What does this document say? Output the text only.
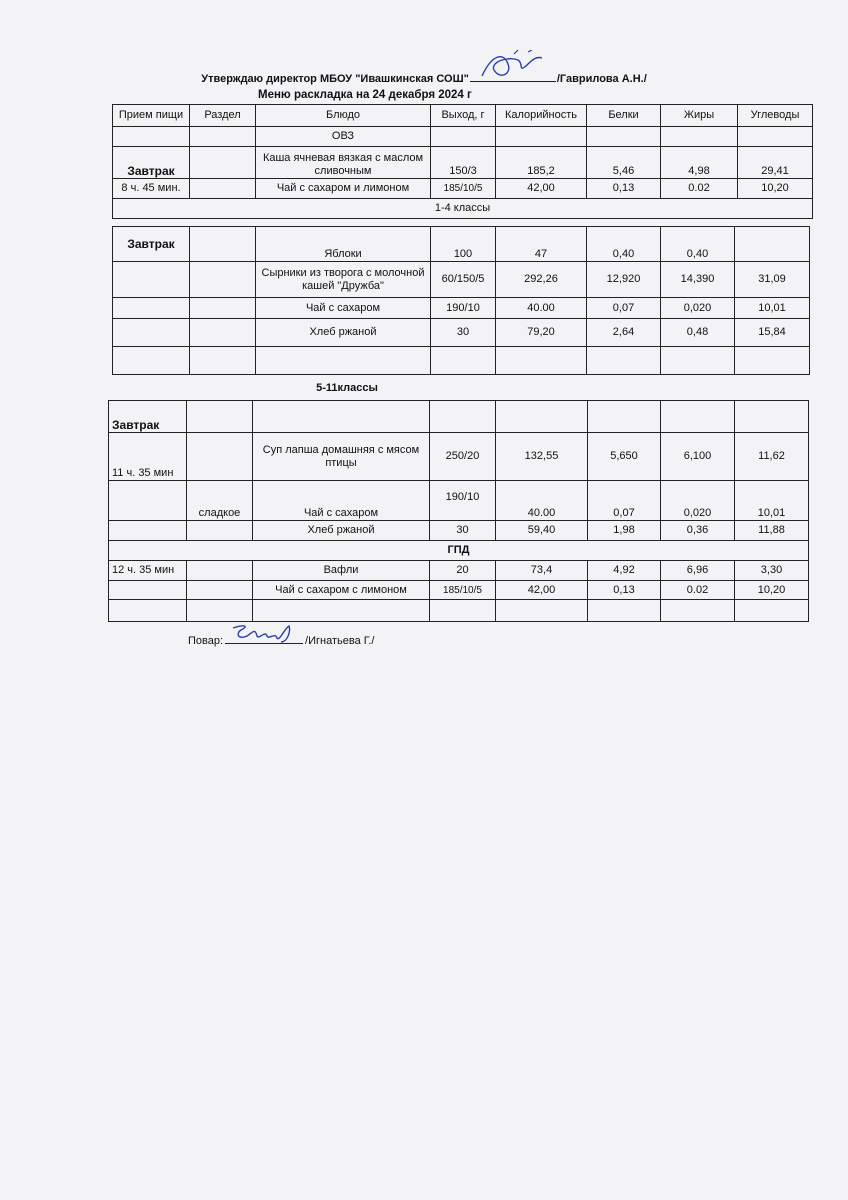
Утверждаю директор МБОУ "Ивашкинская СОШ"	/Гаврилова А.Н./
Меню раскладка на 24 декабря 2024 г
Прием пищи	Раздел	Блюдо	Выход, г	Калорийность	Белки	Жиры	Углеводы
		ОВЗ					
Завтрак		Каша ячневая вязкая с маслом сливочным	150/3	185,2	5,46	4,98	29,41
8 ч. 45 мин.		Чай с сахаром и лимоном	185/10/5	42,00	0,13	0.02	10,20
1-4 классы							
Завтрак		Яблоки	100	47	0,40	0,40	
		Сырники из творога с молочной кашей "Дружба"	60/150/5	292,26	12,920	14,390	31,09
		Чай с сахаром	190/10	40.00	0,07	0,020	10,01
		Хлеб ржаной	30	79,20	2,64	0,48	15,84

5-11классы
Завтрак							
11 ч. 35 мин		Суп лапша домашняя с мясом птицы	250/20	132,55	5,650	6,100	11,62
	сладкое	Чай с сахаром	190/10	40.00	0,07	0,020	10,01
		Хлеб ржаной	30	59,40	1,98	0,36	11,88
ГПД							
12 ч. 35 мин		Вафли	20	73,4	4,92	6,96	3,30
		Чай с сахаром с лимоном	185/10/5	42,00	0,13	0.02	10,20

Повар:	/Игнатьева Г./
